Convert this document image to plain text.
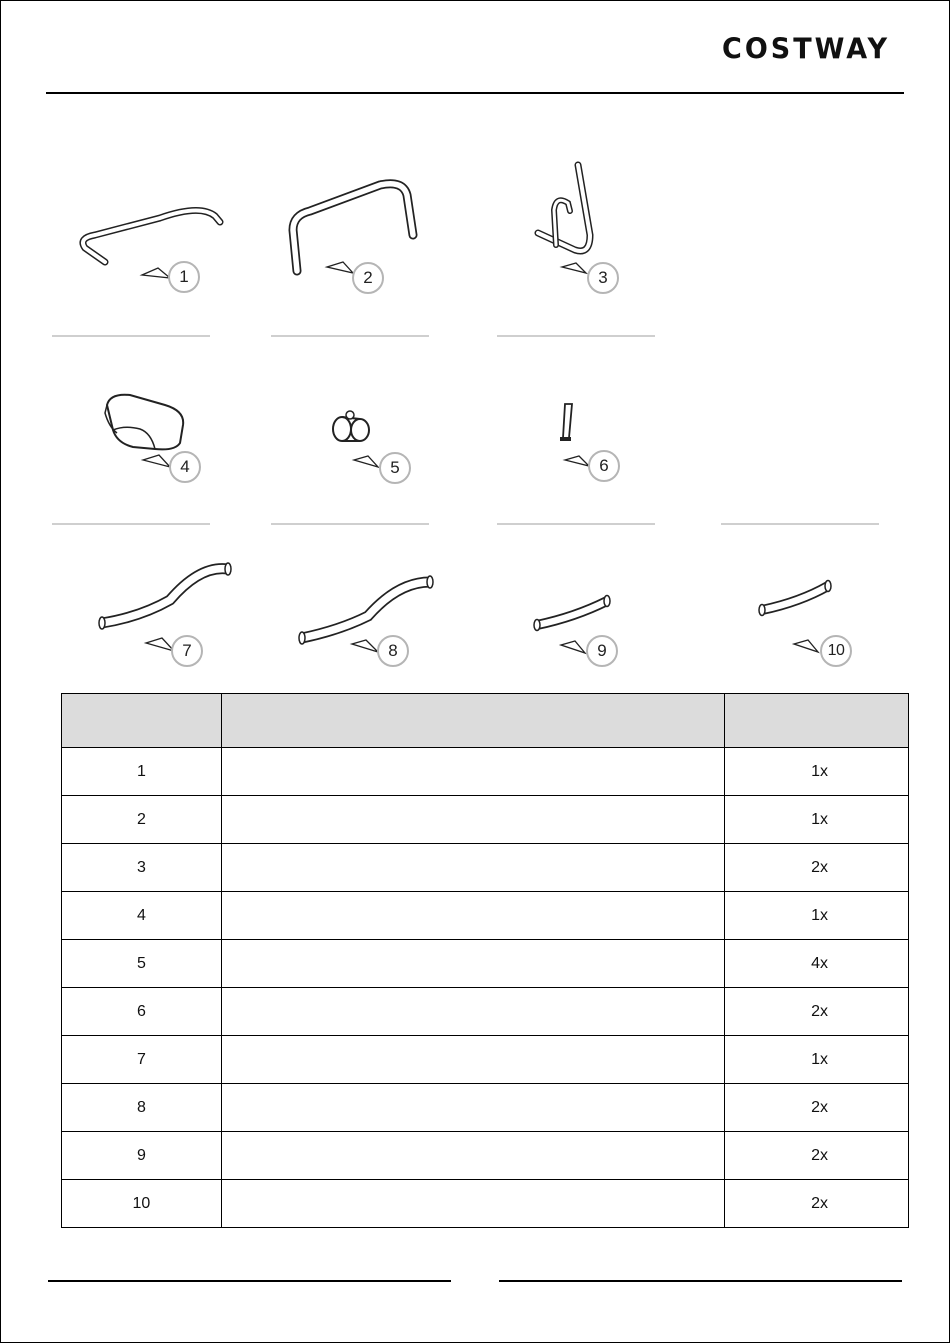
COSTWAY
1	2	3
4	5	6
7	8	9	10

1		1x
2		1x
3		2x
4		1x
5		4x
6		2x
7		1x
8		2x
9		2x
10		2x
